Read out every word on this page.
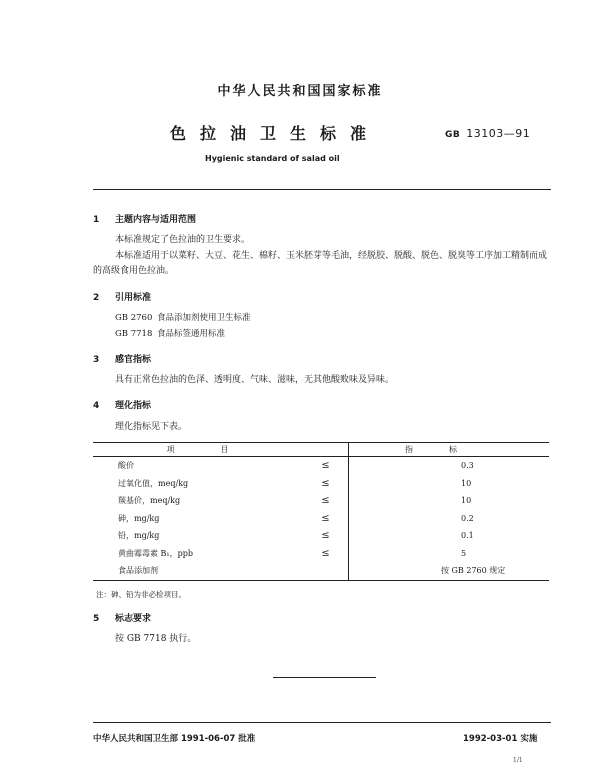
中华人民共和国国家标准
色拉油卫生标准	GB 13103—91
Hygienic standard of salad oil
1 主题内容与适用范围
本标准规定了色拉油的卫生要求。
本标准适用于以菜籽、大豆、花生、棉籽、玉米胚芽等毛油，经脱胶、脱酸、脱色、脱臭等工序加工精制而成的高级食用色拉油。
2 引用标准
GB 2760 食品添加剂使用卫生标准
GB 7718 食品标签通用标准
3 感官指标
具有正常色拉油的色泽、透明度、气味、滋味，无其他酸败味及异味。
4 理化指标
理化指标见下表。
项目		指标
酸价	≤	0.3
过氧化值，meq/kg	≤	10
羰基价，meq/kg	≤	10
砷，mg/kg	≤	0.2
铅，mg/kg	≤	0.1
黄曲霉毒素 B₁，ppb	≤	5
食品添加剂		按 GB 2760 规定
注：砷、铅为非必检项目。
5 标志要求
按 GB 7718 执行。
中华人民共和国卫生部 1991-06-07 批准	1992-03-01 实施
1/1
